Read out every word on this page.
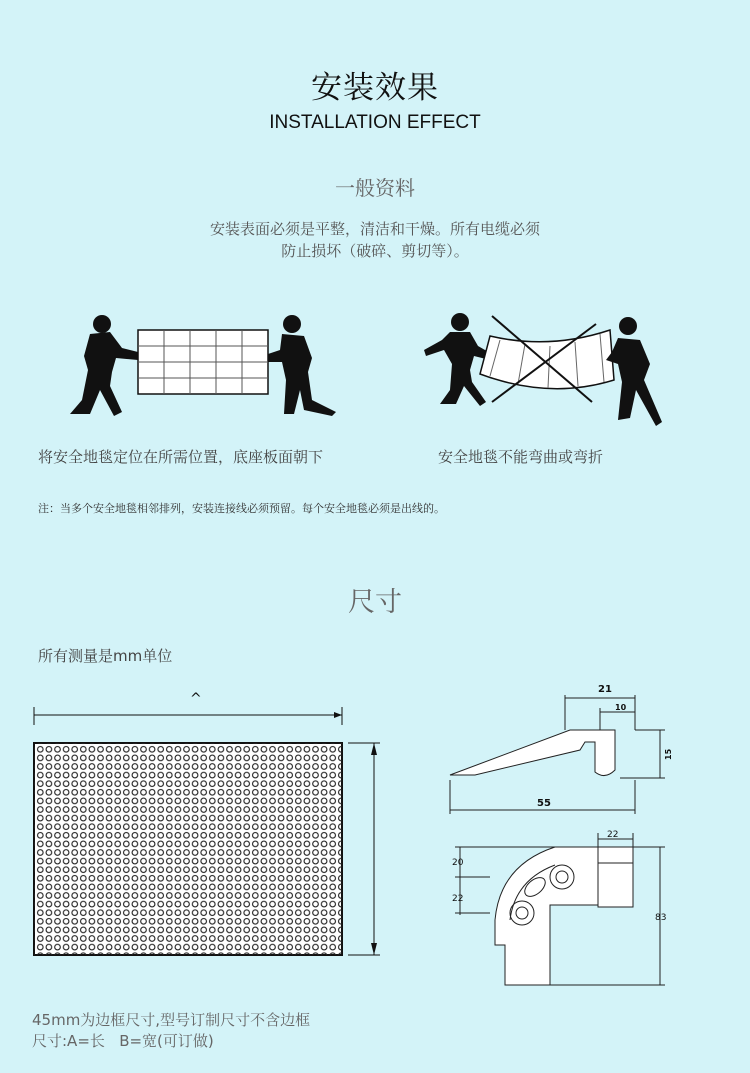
安装效果
INSTALLATION EFFECT
一般资料
安装表面必须是平整，清洁和干燥。所有电缆必须
防止损坏（破碎、剪切等）。
将安全地毯定位在所需位置，底座板面朝下	安全地毯不能弯曲或弯折
注：当多个安全地毯相邻排列，安装连接线必须预留。每个安全地毯必须是出线的。
尺寸
所有测量是mm单位
^
21
10
15
55
22
20
22
83
45mm为边框尺寸,型号订制尺寸不含边框
尺寸:A=长   B=宽(可订做)
